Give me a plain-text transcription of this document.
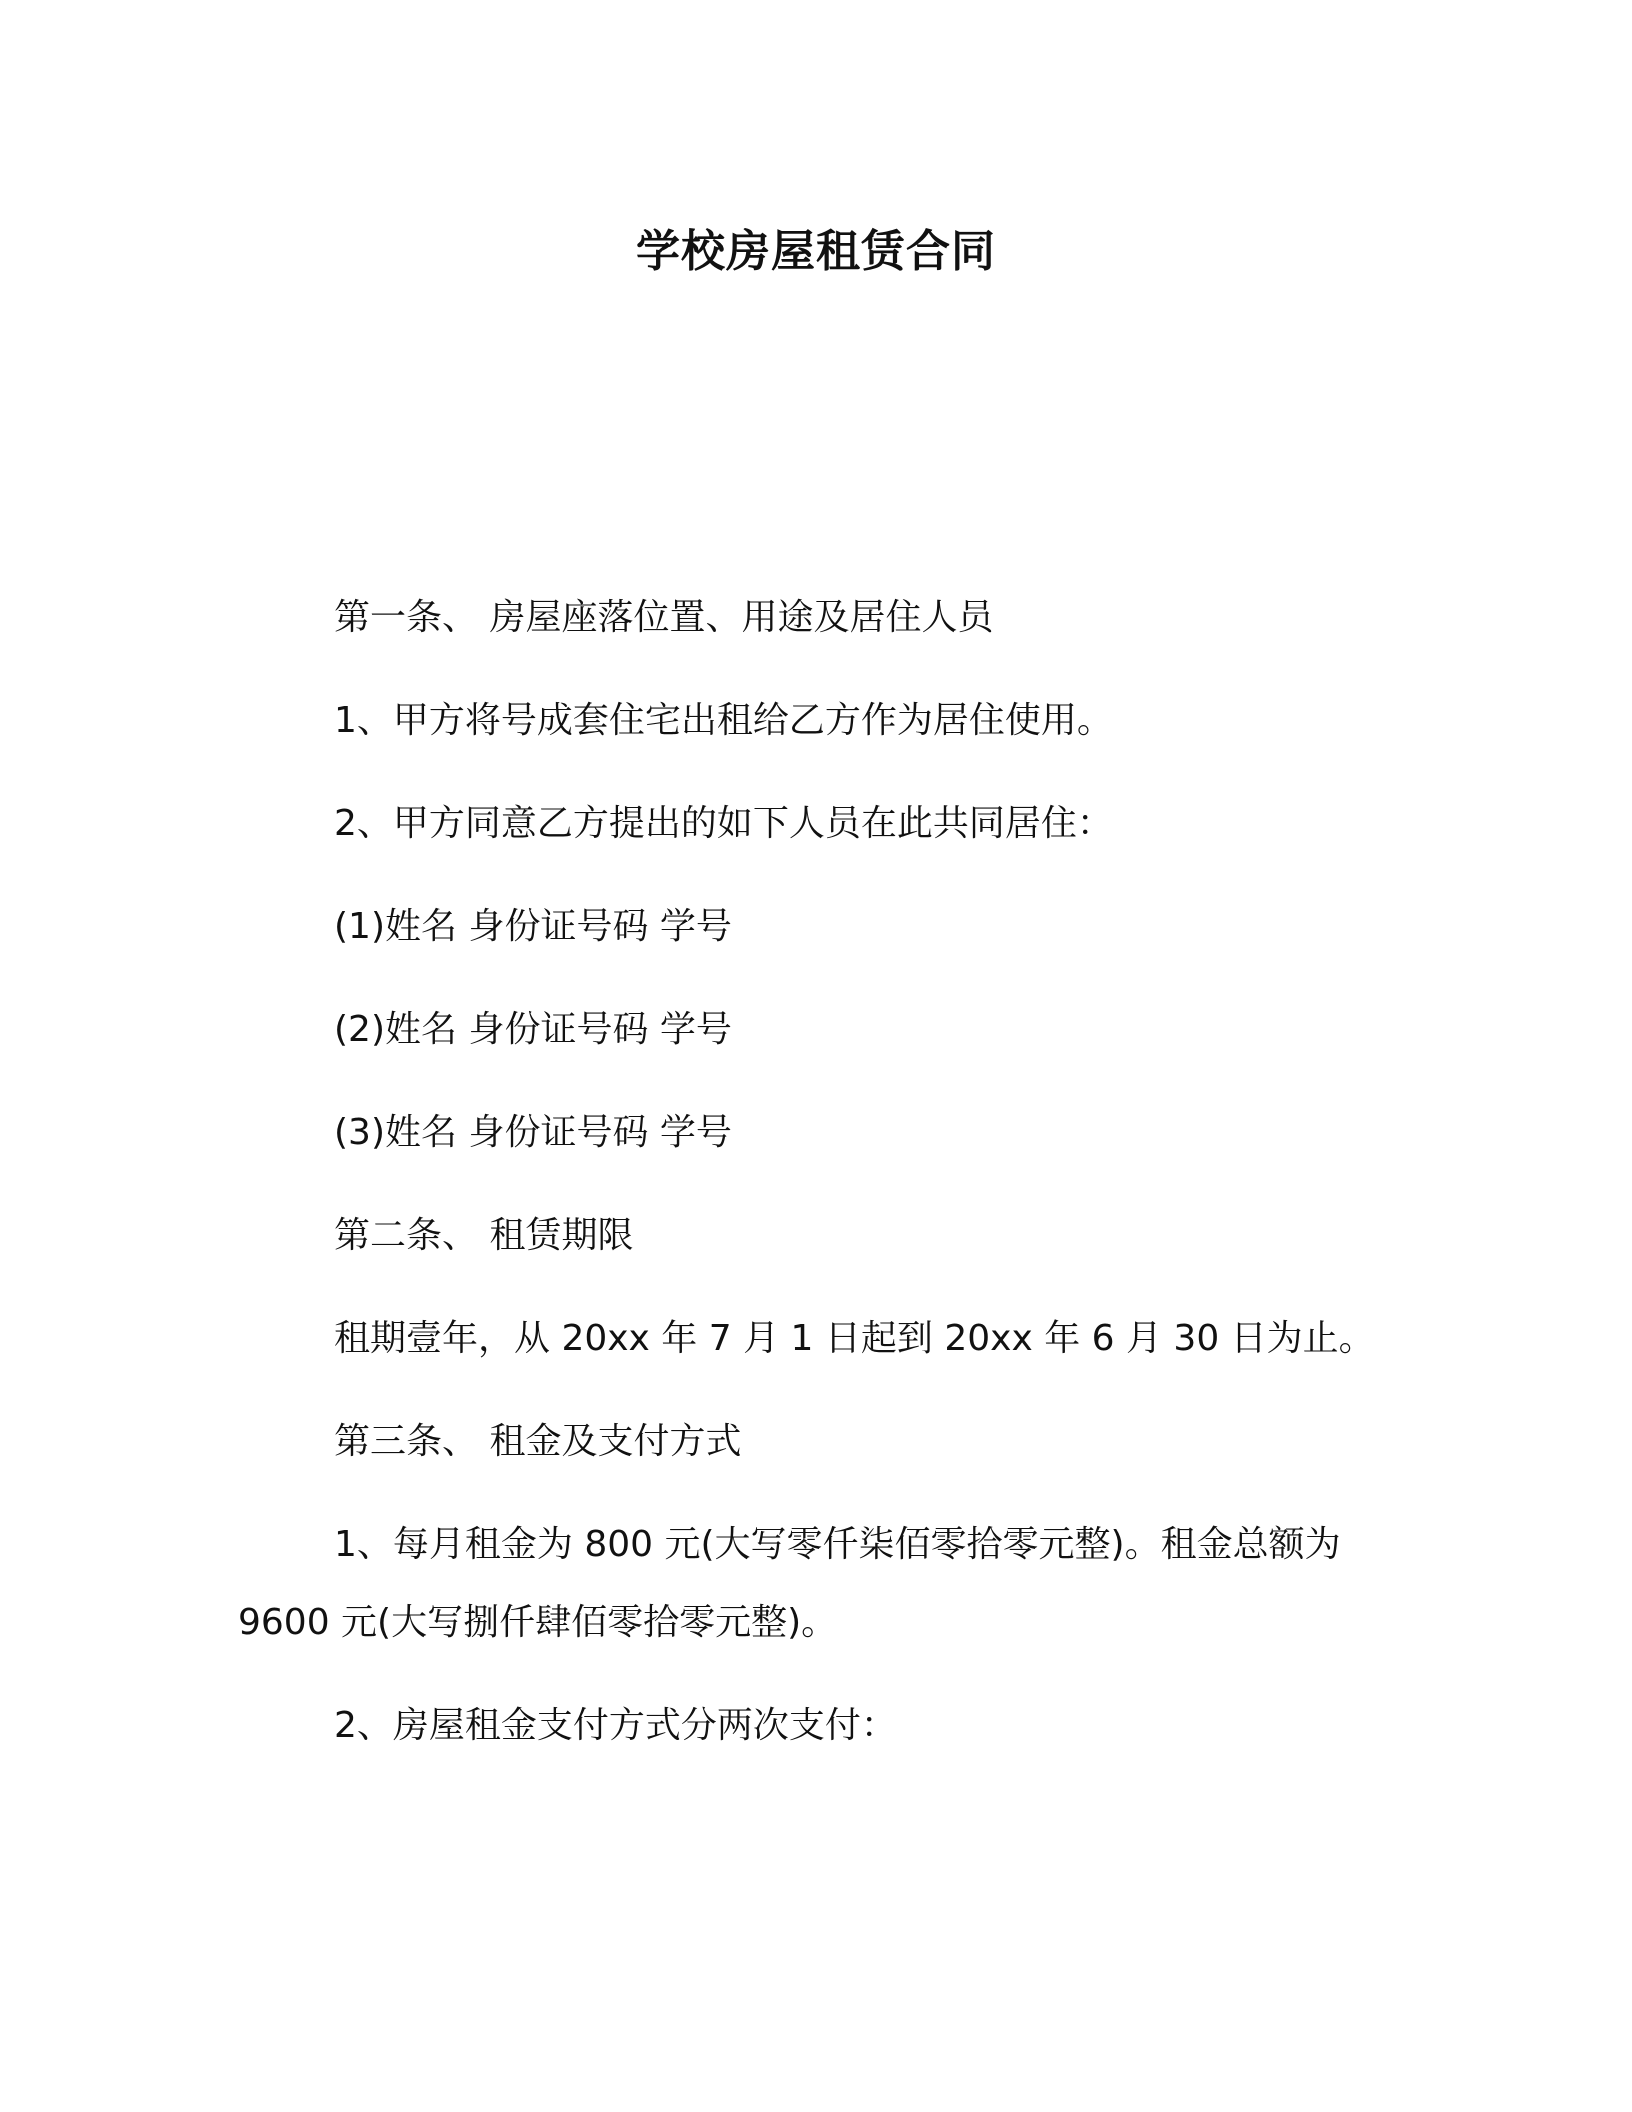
学校房屋租赁合同
第一条、 房屋座落位置、用途及居住人员
1、甲方将号成套住宅出租给乙方作为居住使用。
2、甲方同意乙方提出的如下人员在此共同居住：
(1)姓名 身份证号码 学号
(2)姓名 身份证号码 学号
(3)姓名 身份证号码 学号
第二条、 租赁期限
租期壹年，从 20xx 年 7 月 1 日起到 20xx 年 6 月 30 日为止。
第三条、 租金及支付方式
1、每月租金为 800 元(大写零仟柒佰零拾零元整)。租金总额为
9600 元(大写捌仟肆佰零拾零元整)。
2、房屋租金支付方式分两次支付：
